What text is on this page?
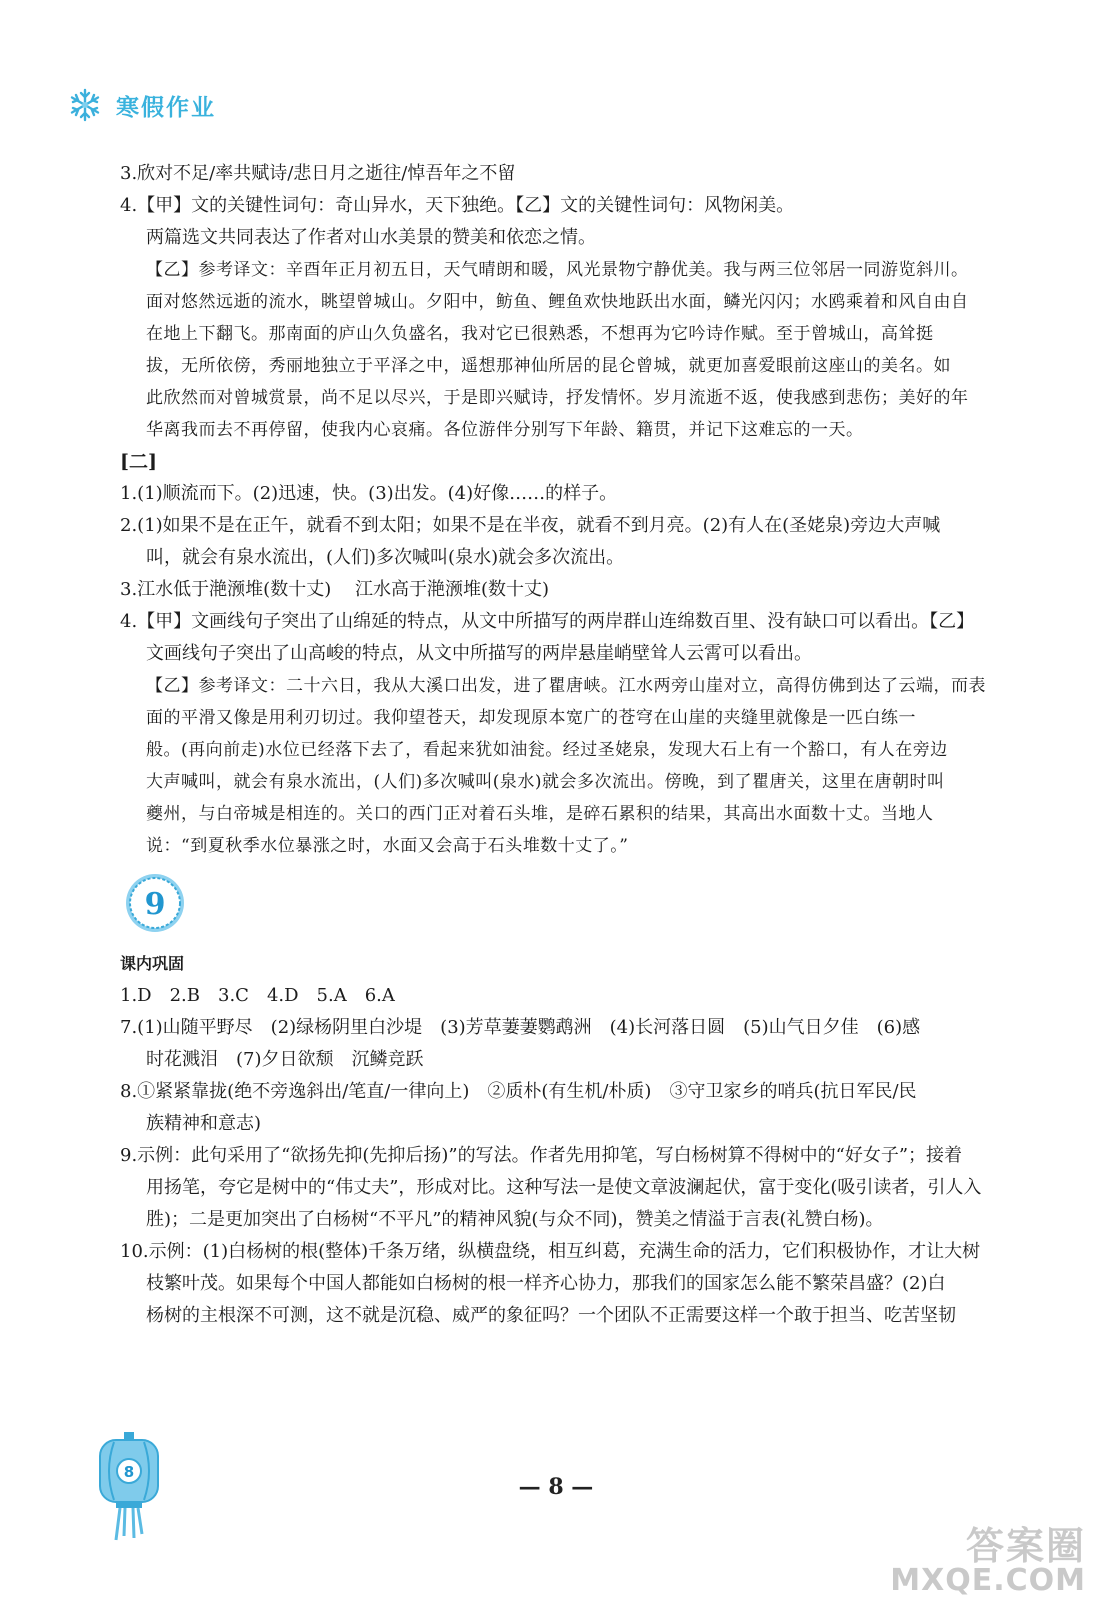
寒假作业
3.欣对不足/率共赋诗/悲日月之逝往/悼吾年之不留
4.【甲】文的关键性词句：奇山异水，天下独绝。【乙】文的关键性词句：风物闲美。
两篇选文共同表达了作者对山水美景的赞美和依恋之情。
【乙】参考译文：辛酉年正月初五日，天气晴朗和暖，风光景物宁静优美。我与两三位邻居一同游览斜川。
面对悠然远逝的流水，眺望曾城山。夕阳中，鲂鱼、鲤鱼欢快地跃出水面，鳞光闪闪；水鸥乘着和风自由自
在地上下翻飞。那南面的庐山久负盛名，我对它已很熟悉，不想再为它吟诗作赋。至于曾城山，高耸挺
拔，无所依傍，秀丽地独立于平泽之中，遥想那神仙所居的昆仑曾城，就更加喜爱眼前这座山的美名。如
此欣然而对曾城赏景，尚不足以尽兴，于是即兴赋诗，抒发情怀。岁月流逝不返，使我感到悲伤；美好的年
华离我而去不再停留，使我内心哀痛。各位游伴分别写下年龄、籍贯，并记下这难忘的一天。
[二]
1.(1)顺流而下。(2)迅速，快。(3)出发。(4)好像……的样子。
2.(1)如果不是在正午，就看不到太阳；如果不是在半夜，就看不到月亮。(2)有人在(圣姥泉)旁边大声喊
叫，就会有泉水流出，(人们)多次喊叫(泉水)就会多次流出。
3.江水低于滟滪堆(数十丈)　 江水高于滟滪堆(数十丈)
4.【甲】文画线句子突出了山绵延的特点，从文中所描写的两岸群山连绵数百里、没有缺口可以看出。【乙】
文画线句子突出了山高峻的特点，从文中所描写的两岸悬崖峭壁耸人云霄可以看出。
【乙】参考译文：二十六日，我从大溪口出发，进了瞿唐峡。江水两旁山崖对立，高得仿佛到达了云端，而表
面的平滑又像是用利刃切过。我仰望苍天，却发现原本宽广的苍穹在山崖的夹缝里就像是一匹白练一
般。(再向前走)水位已经落下去了，看起来犹如油瓮。经过圣姥泉，发现大石上有一个豁口，有人在旁边
大声喊叫，就会有泉水流出，(人们)多次喊叫(泉水)就会多次流出。傍晚，到了瞿唐关，这里在唐朝时叫
夔州，与白帝城是相连的。关口的西门正对着石头堆，是碎石累积的结果，其高出水面数十丈。当地人
说：“到夏秋季水位暴涨之时，水面又会高于石头堆数十丈了。”
9
课内巩固
1.D　2.B　3.C　4.D　5.A　6.A
7.(1)山随平野尽　(2)绿杨阴里白沙堤　(3)芳草萋萋鹦鹉洲　(4)长河落日圆　(5)山气日夕佳　(6)感
时花溅泪　(7)夕日欲颓　沉鳞竞跃
8.①紧紧靠拢(绝不旁逸斜出/笔直/一律向上)　②质朴(有生机/朴质)　③守卫家乡的哨兵(抗日军民/民
族精神和意志)
9.示例：此句采用了“欲扬先抑(先抑后扬)”的写法。作者先用抑笔，写白杨树算不得树中的“好女子”；接着
用扬笔，夸它是树中的“伟丈夫”，形成对比。这种写法一是使文章波澜起伏，富于变化(吸引读者，引人入
胜)；二是更加突出了白杨树“不平凡”的精神风貌(与众不同)，赞美之情溢于言表(礼赞白杨)。
10.示例：(1)白杨树的根(整体)千条万绪，纵横盘绕，相互纠葛，充满生命的活力，它们积极协作，才让大树
枝繁叶茂。如果每个中国人都能如白杨树的根一样齐心协力，那我们的国家怎么能不繁荣昌盛？(2)白
杨树的主根深不可测，这不就是沉稳、威严的象征吗？一个团队不正需要这样一个敢于担当、吃苦坚韧
8
— 8 —
答案圈
MXQE.COM
